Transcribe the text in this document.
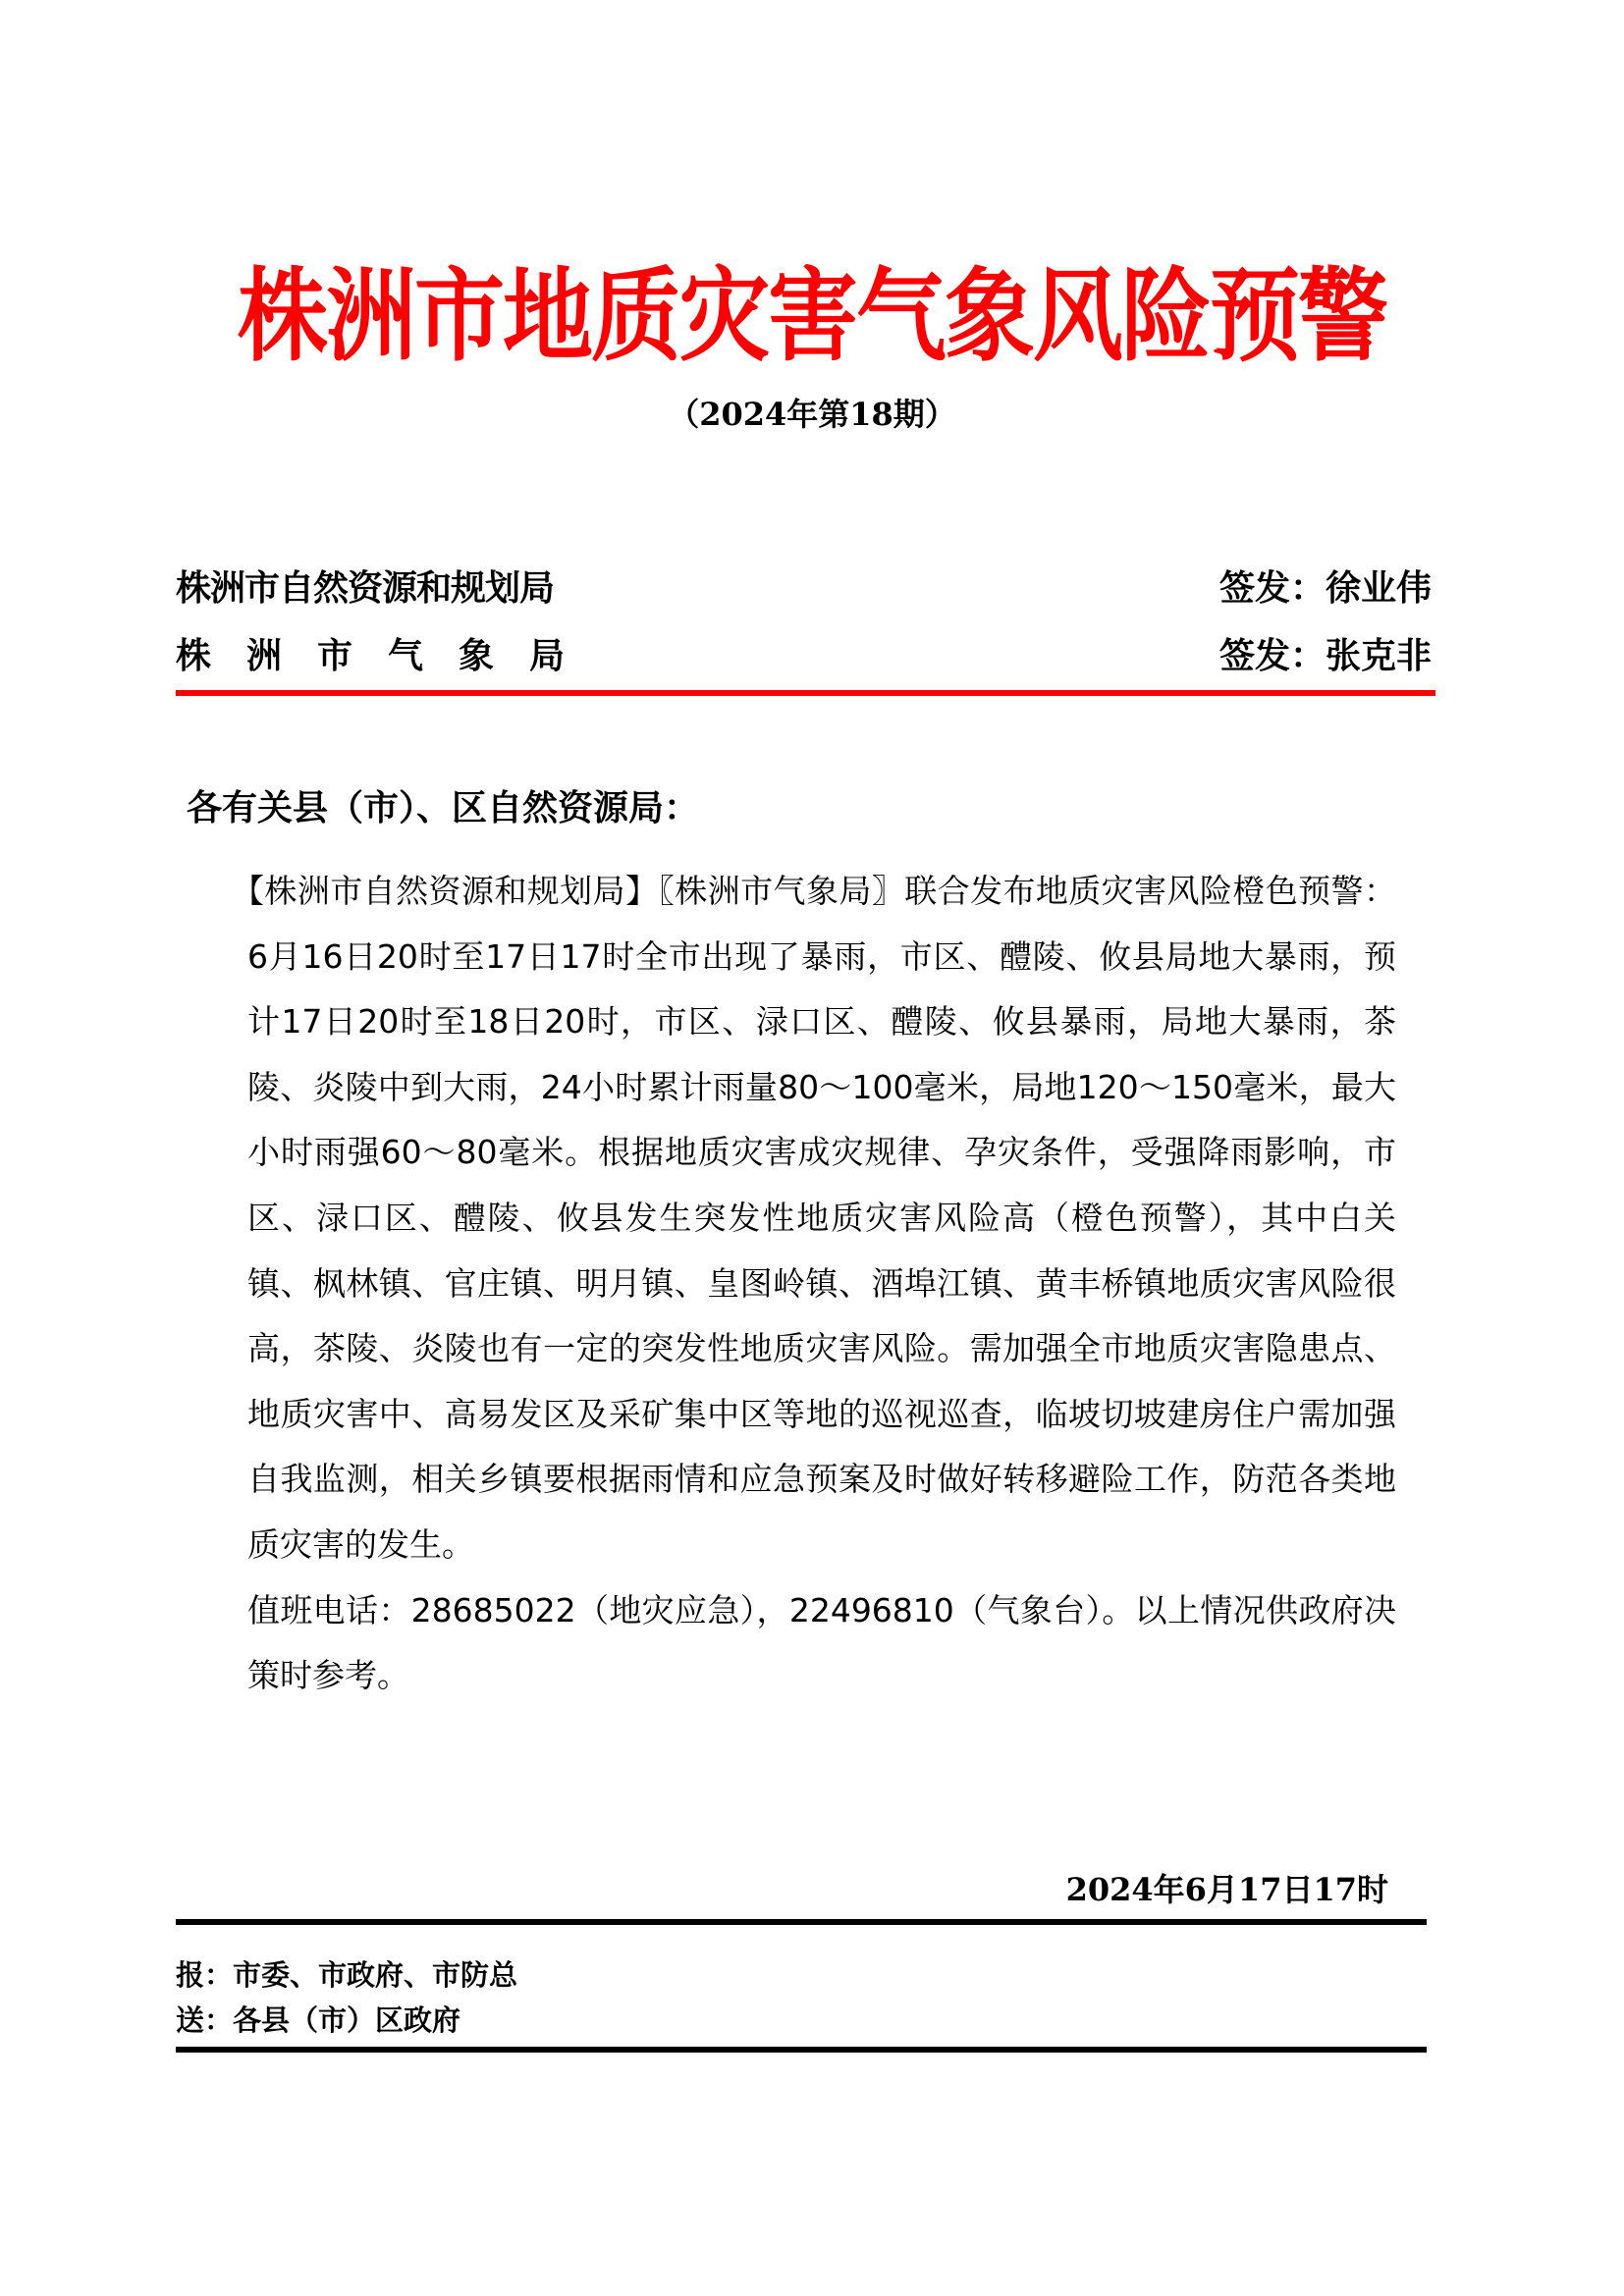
株洲市地质灾害气象风险预警
（2024年第18期）
株洲市自然资源和规划局
株洲市气象局
签发：徐业伟
签发：张克非
各有关县（市）、区自然资源局：

【株洲市自然资源和规划局】〖株洲市气象局〗联合发布地质灾害风险橙色预警：6月16日20时至17日17时全市出现了暴雨，市区、醴陵、攸县局地大暴雨，预计17日20时至18日20时，市区、渌口区、醴陵、攸县暴雨，局地大暴雨，茶陵、炎陵中到大雨，24小时累计雨量80～100毫米，局地120～150毫米，最大小时雨强60～80毫米。根据地质灾害成灾规律、孕灾条件，受强降雨影响，市区、渌口区、醴陵、攸县发生突发性地质灾害风险高（橙色预警），其中白关镇、枫林镇、官庄镇、明月镇、皇图岭镇、酒埠江镇、黄丰桥镇地质灾害风险很高，茶陵、炎陵也有一定的突发性地质灾害风险。需加强全市地质灾害隐患点、地质灾害中、高易发区及采矿集中区等地的巡视巡查，临坡切坡建房住户需加强自我监测，相关乡镇要根据雨情和应急预案及时做好转移避险工作，防范各类地质灾害的发生。

值班电话：28685022（地灾应急），22496810（气象台）。以上情况供政府决策时参考。

2024年6月17日17时
报：市委、市政府、市防总
送：各县（市）区政府
